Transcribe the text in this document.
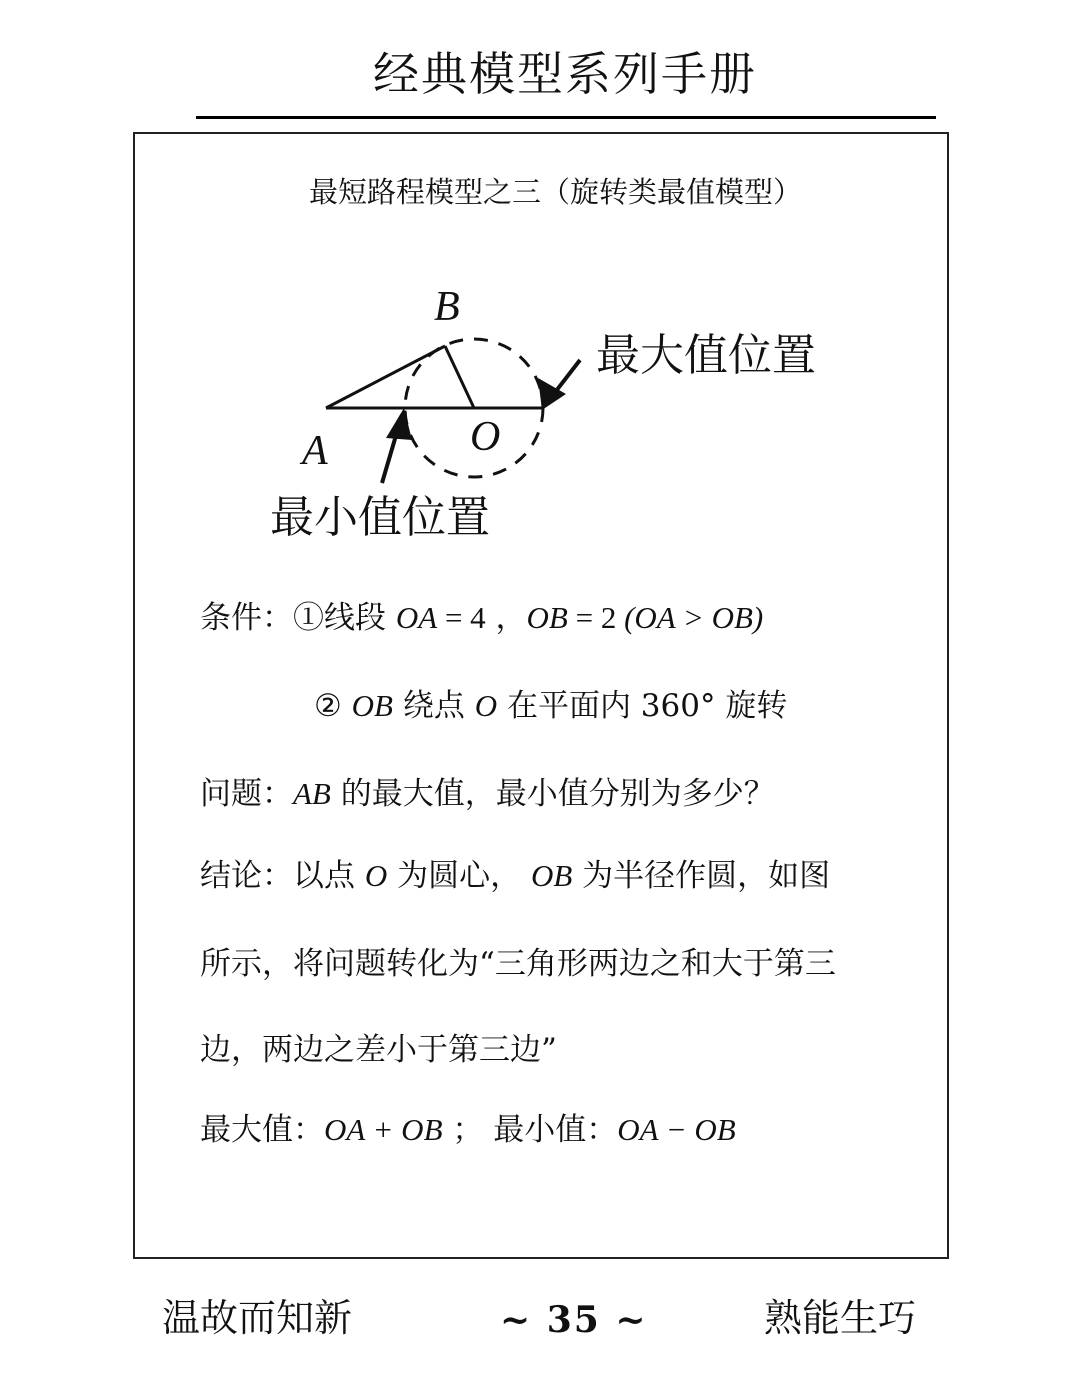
经典模型系列手册
最短路程模型之三（旋转类最值模型）
B
A	O
最大值位置
最小值位置
条件：①线段 OA = 4 ，OB = 2 (OA > OB)
② OB 绕点 O 在平面内 360° 旋转
问题：AB 的最大值，最小值分别为多少？
结论：以点 O 为圆心， OB 为半径作圆，如图
所示，将问题转化为“三角形两边之和大于第三
边，两边之差小于第三边”
最大值：OA + OB ； 最小值：OA − OB
温故而知新	~ 35 ~	熟能生巧
